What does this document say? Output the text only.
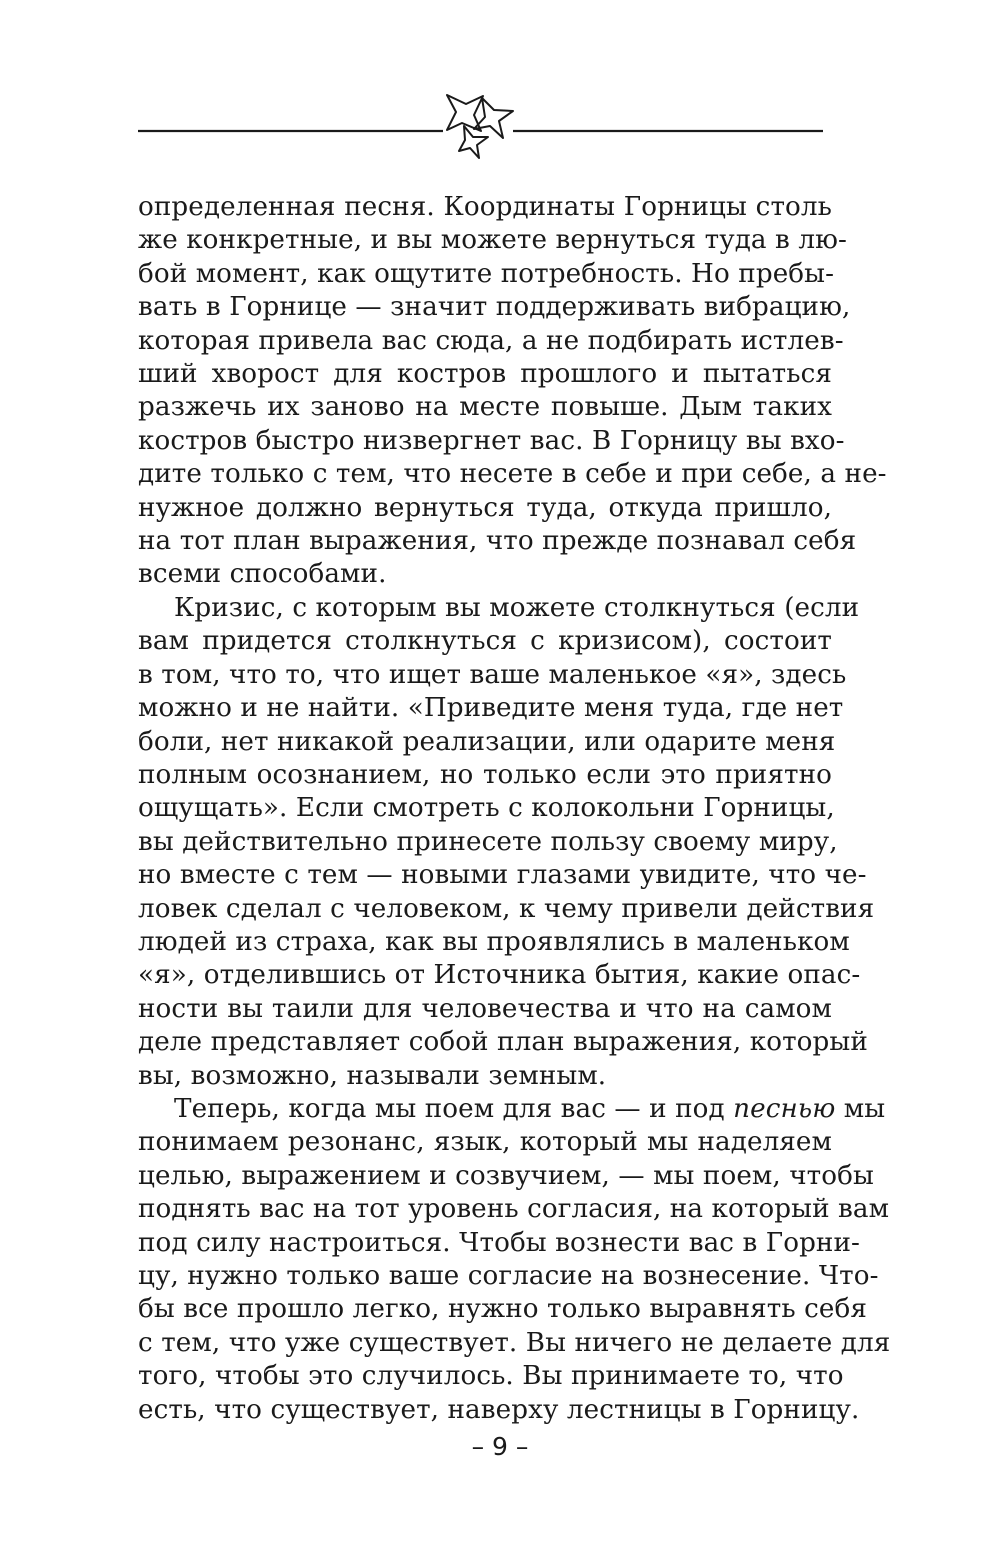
определенная песня. Координаты Горницы столь
же конкретные, и вы можете вернуться туда в лю-
бой момент, как ощутите потребность. Но пребы-
вать в Горнице — значит поддерживать вибрацию,
которая привела вас сюда, а не подбирать истлев-
ший хворост для костров прошлого и пытаться
разжечь их заново на месте повыше. Дым таких
костров быстро низвергнет вас. В Горницу вы вхо-
дите только с тем, что несете в себе и при себе, а не-
нужное должно вернуться туда, откуда пришло,
на тот план выражения, что прежде познавал себя
всеми способами.
Кризис, с которым вы можете столкнуться (если
вам придется столкнуться с кризисом), состоит
в том, что то, что ищет ваше маленькое «я», здесь
можно и не найти. «Приведите меня туда, где нет
боли, нет никакой реализации, или одарите меня
полным осознанием, но только если это приятно
ощущать». Если смотреть с колокольни Горницы,
вы действительно принесете пользу своему миру,
но вместе с тем — новыми глазами увидите, что че-
ловек сделал с человеком, к чему привели действия
людей из страха, как вы проявлялись в маленьком
«я», отделившись от Источника бытия, какие опас-
ности вы таили для человечества и что на самом
деле представляет собой план выражения, который
вы, возможно, называли земным.
Теперь, когда мы поем для вас — и под песнью мы
понимаем резонанс, язык, который мы наделяем
целью, выражением и созвучием, — мы поем, чтобы
поднять вас на тот уровень согласия, на который вам
под силу настроиться. Чтобы вознести вас в Горни-
цу, нужно только ваше согласие на вознесение. Что-
бы все прошло легко, нужно только выравнять себя
с тем, что уже существует. Вы ничего не делаете для
того, чтобы это случилось. Вы принимаете то, что
есть, что существует, наверху лестницы в Горницу.
– 9 –
